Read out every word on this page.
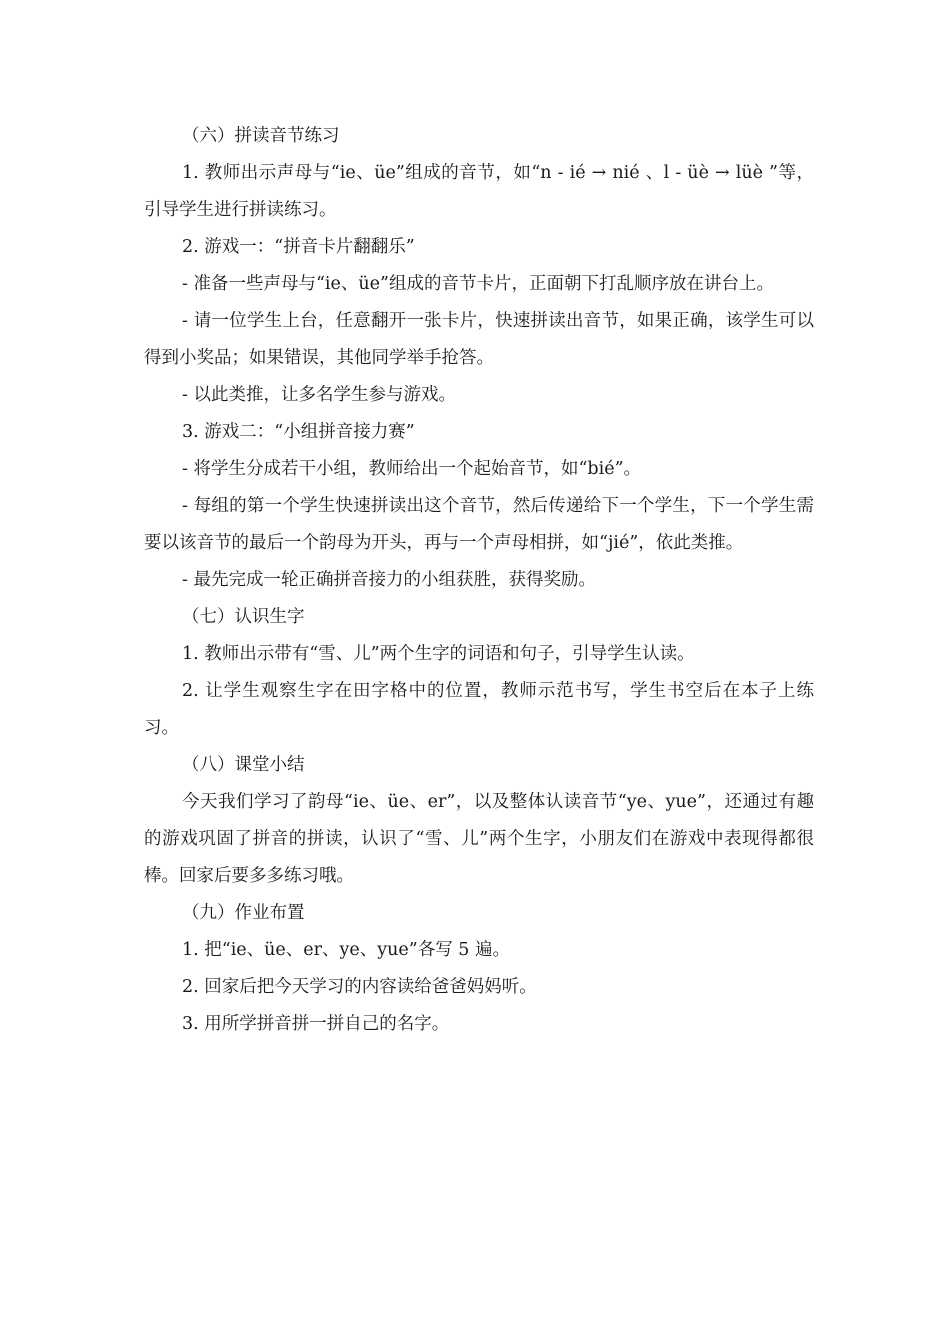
（六）拼读音节练习

1. 教师出示声母与“ie、üe”组成的音节，如“n - ié → nié 、l - üè → lüè ”等，引导学生进行拼读练习。

2. 游戏一：“拼音卡片翻翻乐”

- 准备一些声母与“ie、üe”组成的音节卡片，正面朝下打乱顺序放在讲台上。

- 请一位学生上台，任意翻开一张卡片，快速拼读出音节，如果正确，该学生可以得到小奖品；如果错误，其他同学举手抢答。

- 以此类推，让多名学生参与游戏。

3. 游戏二：“小组拼音接力赛”

- 将学生分成若干小组，教师给出一个起始音节，如“bié”。

- 每组的第一个学生快速拼读出这个音节，然后传递给下一个学生，下一个学生需要以该音节的最后一个韵母为开头，再与一个声母相拼，如“jié”，依此类推。

- 最先完成一轮正确拼音接力的小组获胜，获得奖励。

（七）认识生字

1. 教师出示带有“雪、儿”两个生字的词语和句子，引导学生认读。

2. 让学生观察生字在田字格中的位置，教师示范书写，学生书空后在本子上练习。

（八）课堂小结

今天我们学习了韵母“ie、üe、er”，以及整体认读音节“ye、yue”，还通过有趣的游戏巩固了拼音的拼读，认识了“雪、儿”两个生字，小朋友们在游戏中表现得都很棒。回家后要多多练习哦。

（九）作业布置

1. 把“ie、üe、er、ye、yue”各写 5 遍。

2. 回家后把今天学习的内容读给爸爸妈妈听。

3. 用所学拼音拼一拼自己的名字。
